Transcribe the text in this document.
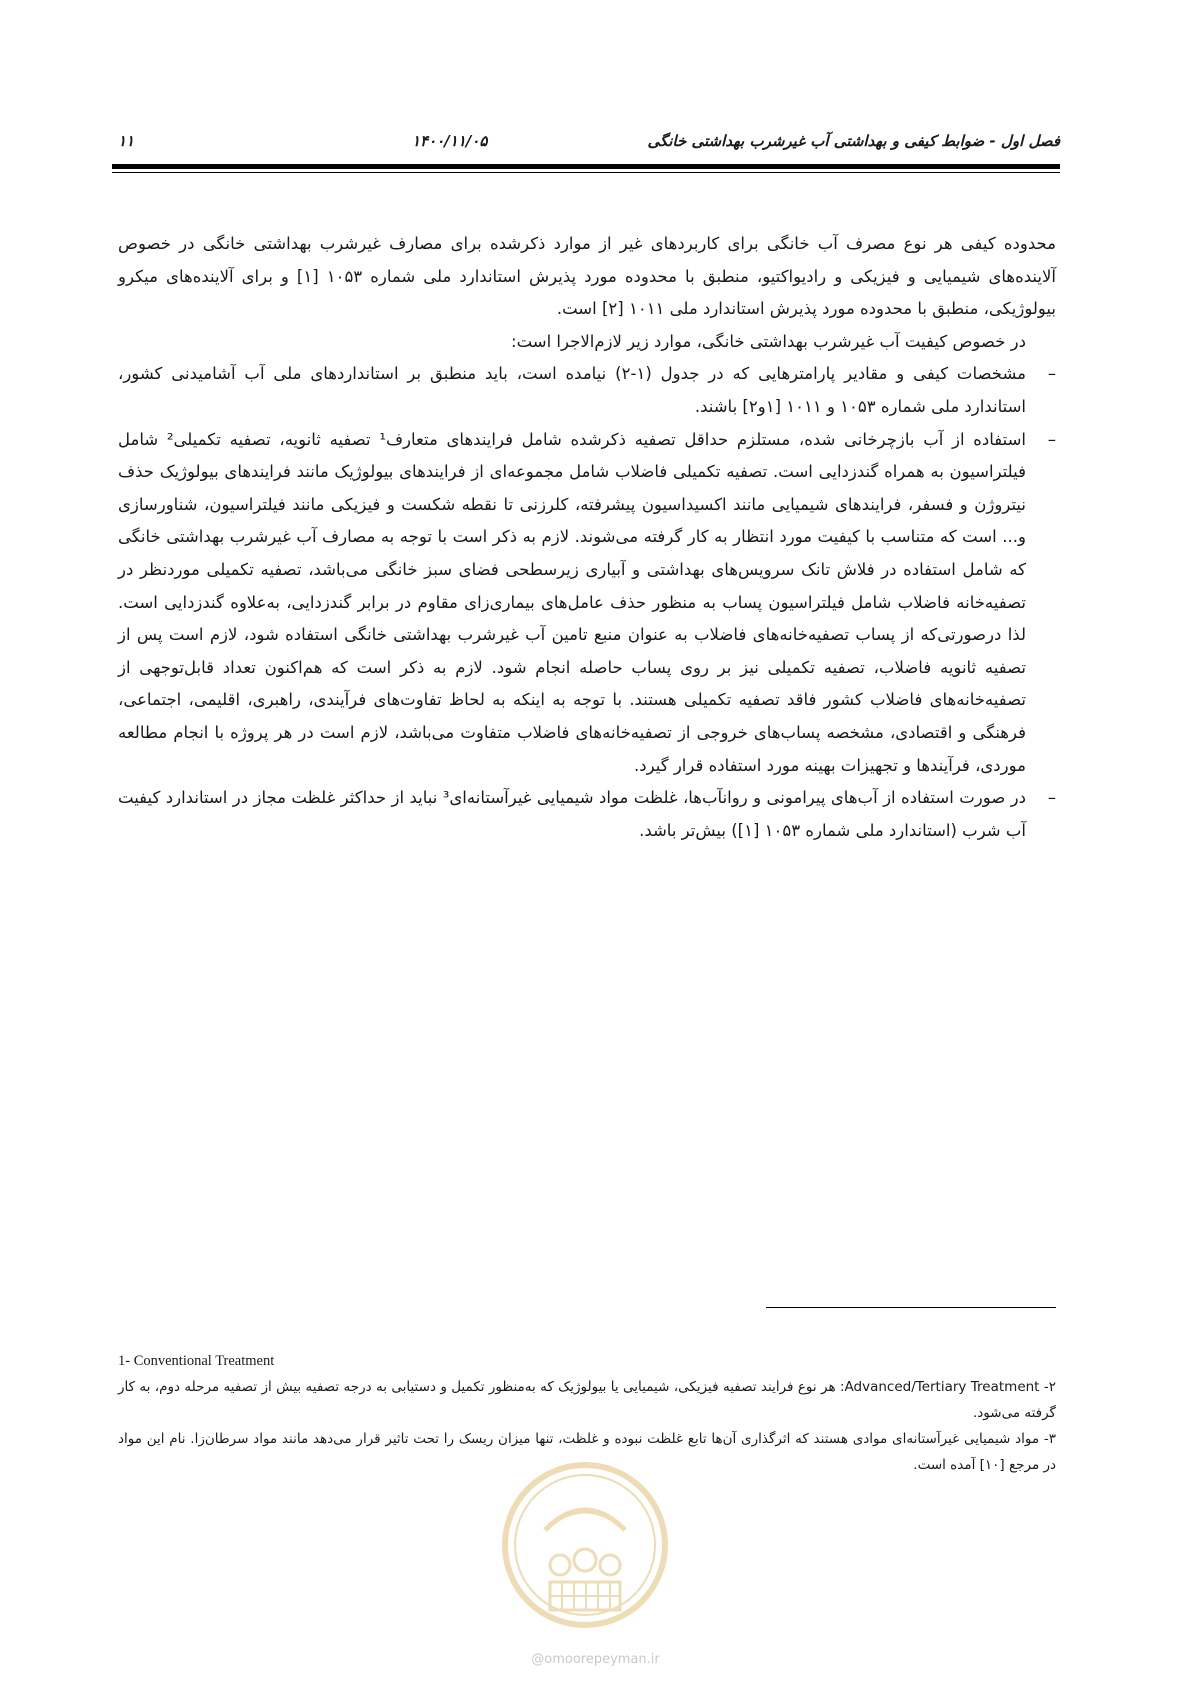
فصل اول - ضوابط کیفی و بهداشتی آب غیرشرب بهداشتی خانگی
۱۴۰۰/۱۱/۰۵
۱۱

محدوده کیفی هر نوع مصرف آب خانگی برای کاربردهای غیر از موارد ذکرشده برای مصارف غیرشرب بهداشتی خانگی در خصوص آلاینده‌های شیمیایی و فیزیکی و رادیواکتیو، منطبق با محدوده مورد پذیرش استاندارد ملی شماره ۱۰۵۳ [۱] و برای آلاینده‌های میکرو بیولوژیکی، منطبق با محدوده مورد پذیرش استاندارد ملی ۱۰۱۱ [۲] است.

در خصوص کیفیت آب غیرشرب بهداشتی خانگی، موارد زیر لازم‌الاجرا است:

–
مشخصات کیفی و مقادیر پارامترهایی که در جدول (۱-۲) نیامده است، باید منطبق بر استانداردهای ملی آب آشامیدنی کشور، استاندارد ملی شماره ۱۰۵۳ و ۱۰۱۱ [۱و۲] باشند.
–
استفاده از آب بازچرخانی شده، مستلزم حداقل تصفیه ذکرشده شامل فرایندهای متعارف¹ تصفیه ثانویه، تصفیه تکمیلی² شامل فیلتراسیون به همراه گندزدایی است. تصفیه تکمیلی فاضلاب شامل مجموعه‌ای از فرایندهای بیولوژیک مانند فرایندهای بیولوژیک حذف نیتروژن و فسفر، فرایندهای شیمیایی مانند اکسیداسیون پیشرفته، کلرزنی تا نقطه شکست و فیزیکی مانند فیلتراسیون، شناورسازی و... است که متناسب با کیفیت مورد انتظار به کار گرفته می‌شوند. لازم به ذکر است با توجه به مصارف آب غیرشرب بهداشتی خانگی که شامل استفاده در فلاش تانک سرویس‌های بهداشتی و آبیاری زیرسطحی فضای سبز خانگی می‌باشد، تصفیه تکمیلی موردنظر در تصفیه‌خانه فاضلاب شامل فیلتراسیون پساب به منظور حذف عامل‌های بیماری‌زای مقاوم در برابر گندزدایی، به‌علاوه گندزدایی است. لذا درصورتی‌که از پساب تصفیه‌خانه‌های فاضلاب به عنوان منبع تامین آب غیرشرب بهداشتی خانگی استفاده شود، لازم است پس از تصفیه ثانویه فاضلاب، تصفیه تکمیلی نیز بر روی پساب حاصله انجام شود. لازم به ذکر است که هم‌اکنون تعداد قابل‌توجهی از تصفیه‌خانه‌های فاضلاب کشور فاقد تصفیه تکمیلی هستند. با توجه به اینکه به لحاظ تفاوت‌های فرآیندی، راهبری، اقلیمی، اجتماعی، فرهنگی و اقتصادی، مشخصه پساب‌های خروجی از تصفیه‌خانه‌های فاضلاب متفاوت می‌باشد، لازم است در هر پروژه با انجام مطالعه موردی، فرآیندها و تجهیزات بهینه مورد استفاده قرار گیرد.
–
در صورت استفاده از آب‌های پیرامونی و روانآب‌ها، غلظت مواد شیمیایی غیرآستانه‌ای³ نباید از حداکثر غلظت مجاز در استاندارد کیفیت آب شرب (استاندارد ملی شماره ۱۰۵۳ [۱]) بیش‌تر باشد.

1- Conventional Treatment

۲- Advanced/Tertiary Treatment: هر نوع فرایند تصفیه فیزیکی، شیمیایی یا بیولوژیک که به‌منظور تکمیل و دستیابی به درجه تصفیه بیش از تصفیه مرحله دوم، به کار گرفته می‌شود.

۳- مواد شیمیایی غیرآستانه‌ای موادی هستند که اثرگذاری آن‌ها تابع غلظت نبوده و غلظت، تنها میزان ریسک را تحت تاثیر قرار می‌دهد مانند مواد سرطان‌زا. نام این مواد در مرجع [۱۰] آمده است.

@omoorepeyman.ir
